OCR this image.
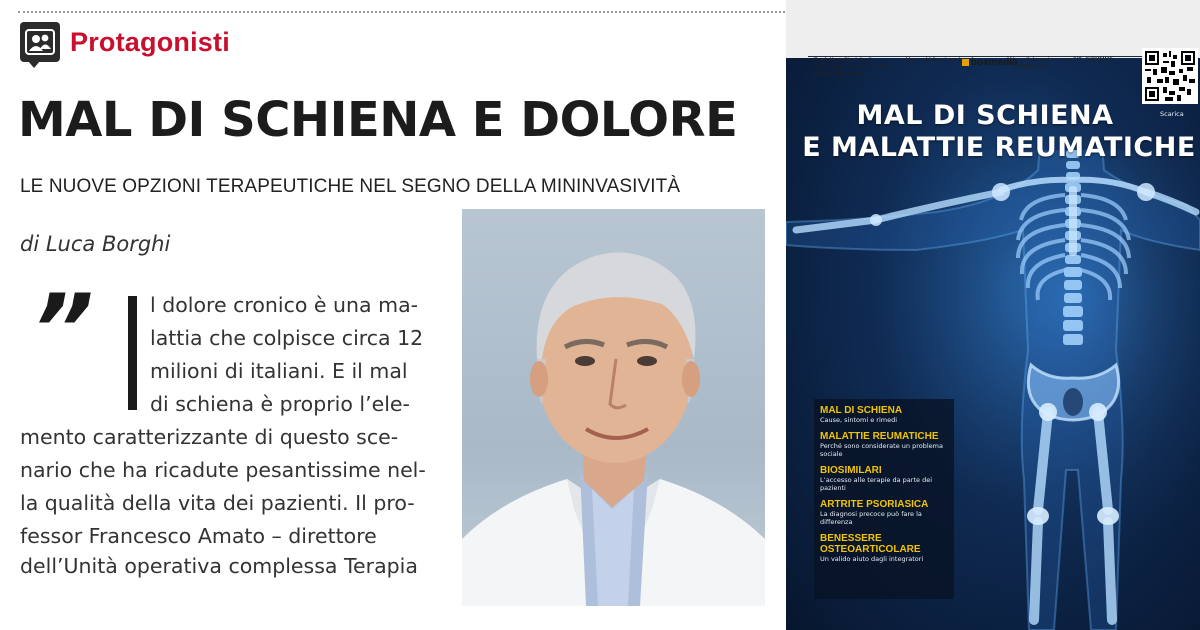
Protagonisti
MAL DI SCHIENA E DOLORE
LE NUOVE OPZIONI TERAPEUTICHE NEL SEGNO DELLA MININVASIVITÀ
di Luca Borghi
”	l dolore cronico è una ma-
lattia che colpisce circa 12
milioni di italiani. E il mal
di schiena è proprio l’ele-
mento caratterizzante di questo sce-
nario che ha ricadute pesantissime nel-
la qualità della vita dei pazienti. Il pro-
fessor Francesco Amato – direttore
dell’Unità operativa complessa Terapia
Prodotto editoriale di informazione con inserimenti anche pubblicitari
Una pubblicazione by boxmedia
In collaborazione con SIR, SIOMMMS, ANMAR Onlus
Scarica
MAL DI SCHIENA
E MALATTIE REUMATICHE
MAL DI SCHIENA
Cause, sintomi e rimedi
MALATTIE REUMATICHE
Perché sono considerate un problema sociale
BIOSIMILARI
L’accesso alle terapie da parte dei pazienti
ARTRITE PSORIASICA
La diagnosi precoce può fare la differenza
BENESSERE OSTEOARTICOLARE
Un valido aiuto dagli integratori
